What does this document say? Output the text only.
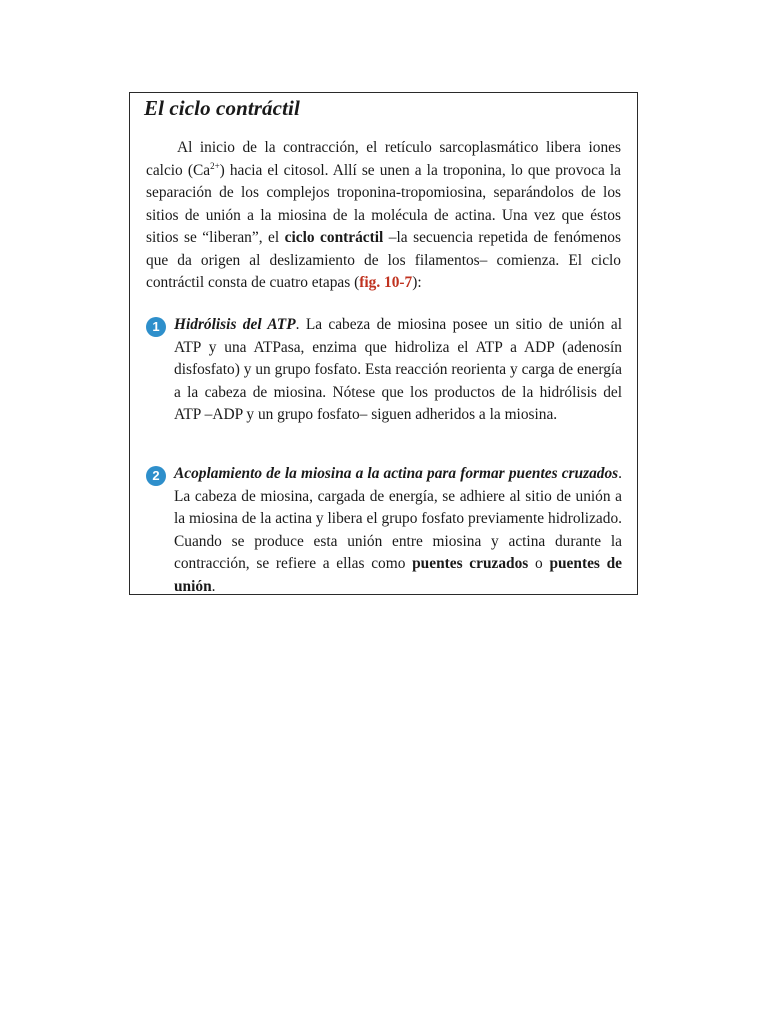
El ciclo contráctil

Al inicio de la contracción, el retículo sarcoplasmático libera iones calcio $(Ca^{2+})$ hacia el citosol. Allí se unen a la troponina, lo que provoca la separación de los complejos troponina-tropomiosina, separándolos de los sitios de unión a la miosina de la molécula de actina. Una vez que éstos sitios se “liberan”, el ciclo contráctil –la secuencia repetida de fenómenos que da origen al deslizamiento de los filamentos– comienza. El ciclo contráctil consta de cuatro etapas (fig. 10-7):

1 Hidrólisis del ATP. La cabeza de miosina posee un sitio de unión al ATP y una ATPasa, enzima que hidroliza el ATP a ADP (adenosín disfosfato) y un grupo fosfato. Esta reacción reorienta y carga de energía a la cabeza de miosina. Nótese que los productos de la hidrólisis del ATP –ADP y un grupo fosfato– siguen adheridos a la miosina.

2 Acoplamiento de la miosina a la actina para formar puentes cruzados. La cabeza de miosina, cargada de energía, se adhiere al sitio de unión a la miosina de la actina y libera el grupo fosfato previamente hidrolizado. Cuando se produce esta unión entre miosina y actina durante la contracción, se refiere a ellas como puentes cruzados o puentes de unión.
